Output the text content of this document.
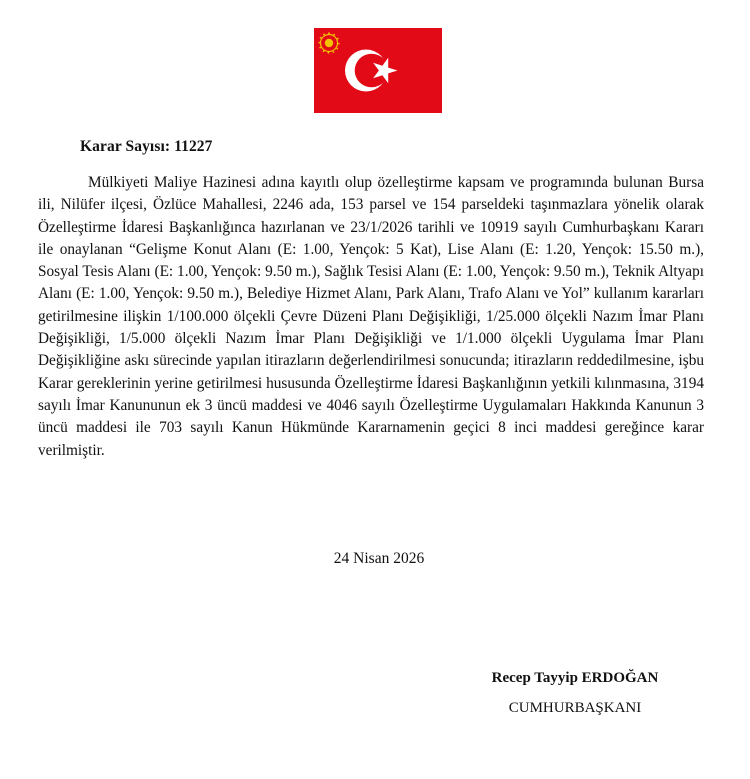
Karar Sayısı: 11227

Mülkiyeti Maliye Hazinesi adına kayıtlı olup özelleştirme kapsam ve programında bulunan Bursa ili, Nilüfer ilçesi, Özlüce Mahallesi, 2246 ada, 153 parsel ve 154 parseldeki taşınmazlara yönelik olarak Özelleştirme İdaresi Başkanlığınca hazırlanan ve 23/1/2026 tarihli ve 10919 sayılı Cumhurbaşkanı Kararı ile onaylanan “Gelişme Konut Alanı (E: 1.00, Yençok: 5 Kat), Lise Alanı (E: 1.20, Yençok: 15.50 m.), Sosyal Tesis Alanı (E: 1.00, Yençok: 9.50 m.), Sağlık Tesisi Alanı (E: 1.00, Yençok: 9.50 m.), Teknik Altyapı Alanı (E: 1.00, Yençok: 9.50 m.), Belediye Hizmet Alanı, Park Alanı, Trafo Alanı ve Yol” kullanım kararları getirilmesine ilişkin 1/100.000 ölçekli Çevre Düzeni Planı Değişikliği, 1/25.000 ölçekli Nazım İmar Planı Değişikliği, 1/5.000 ölçekli Nazım İmar Planı Değişikliği ve 1/1.000 ölçekli Uygulama İmar Planı Değişikliğine askı sürecinde yapılan itirazların değerlendirilmesi sonucunda; itirazların reddedilmesine, işbu Karar gereklerinin yerine getirilmesi hususunda Özelleştirme İdaresi Başkanlığının yetkili kılınmasına, 3194 sayılı İmar Kanununun ek 3 üncü maddesi ve 4046 sayılı Özelleştirme Uygulamaları Hakkında Kanunun 3 üncü maddesi ile 703 sayılı Kanun Hükmünde Kararnamenin geçici 8 inci maddesi gereğince karar verilmiştir.

24 Nisan 2026
Recep Tayyip ERDOĞAN
CUMHURBAŞKANI
